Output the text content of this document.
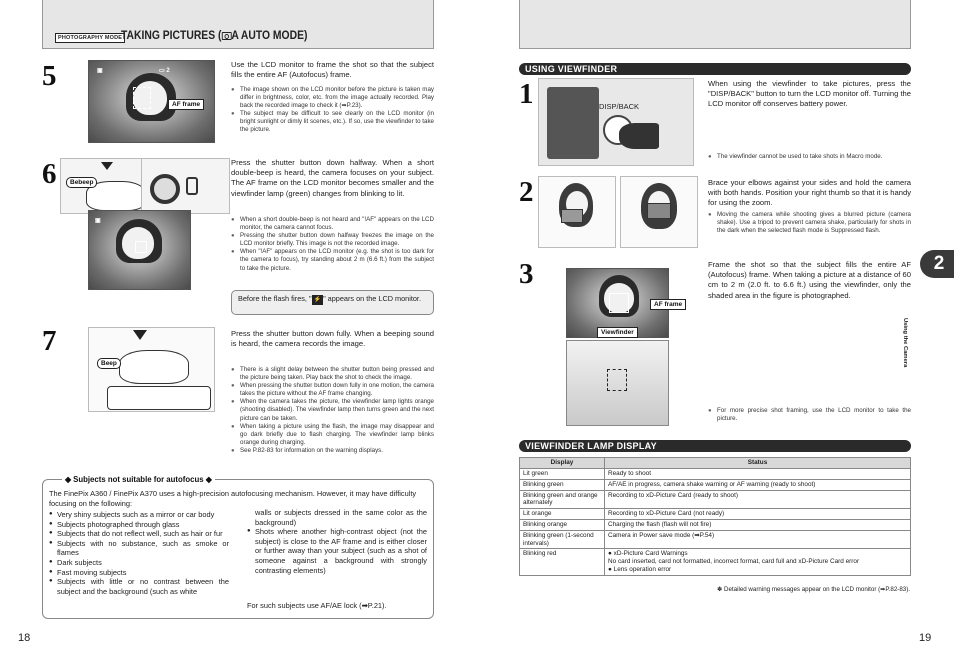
PHOTOGRAPHY MODE
TAKING PICTURES ( A AUTO MODE)
5	▣	▭ 2
AF frame
Use the LCD monitor to frame the shot so that the subject fills the entire AF (Autofocus) frame.

● The image shown on the LCD monitor before the picture is taken may differ in brightness, color, etc. from the image actually recorded. Play back the recorded image to check it (➡P.23).

● The subject may be difficult to see clearly on the LCD monitor (in bright sunlight or dimly lit scenes, etc.). If so, use the viewfinder to take the picture.

6	Bebeep
▣
Press the shutter button down halfway. When a short double-beep is heard, the camera focuses on your subject. The AF frame on the LCD monitor becomes smaller and the viewfinder lamp (green) changes from blinking to lit.

● When a short double-beep is not heard and "!AF" appears on the LCD monitor, the camera cannot focus.

● Pressing the shutter button down halfway freezes the image on the LCD monitor briefly. This image is not the recorded image.

● When "!AF" appears on the LCD monitor (e.g. the shot is too dark for the camera to focus), try standing about 2 m (6.6 ft.) from the subject to take the picture.

Before the flash fires, " ⚡ " appears on the LCD monitor.
7
Beep
Press the shutter button down fully. When a beeping sound is heard, the camera records the image.

● There is a slight delay between the shutter button being pressed and the picture being taken. Play back the shot to check the image.

● When pressing the shutter button down fully in one motion, the camera takes the picture without the AF frame changing.

● When the camera takes the picture, the viewfinder lamp lights orange (shooting disabled). The viewfinder lamp then turns green and the next picture can be taken.

● When taking a picture using the flash, the image may disappear and go dark briefly due to flash charging. The viewfinder lamp blinks orange during charging.

● See P.82-83 for information on the warning displays.

◆ Subjects not suitable for autofocus ◆
The FinePix A360 / FinePix A370 uses a high-precision autofocusing mechanism. However, it may have difficulty focusing on the following:
● Very shiny subjects such as a mirror or car body
● Subjects photographed through glass
● Subjects that do not reflect well, such as hair or fur
● Subjects with no substance, such as smoke or flames
● Dark subjects
● Fast moving subjects
● Subjects with little or no contrast between the subject and the background (such as white
walls or subjects dressed in the same color as the background)
● Shots where another high-contrast object (not the subject) is close to the AF frame and is either closer or further away than your subject (such as a shot of someone against a background with strongly contrasting elements)
For such subjects use AF/AE lock (➡P.21).
18
USING VIEWFINDER
1	DISP/BACK
When using the viewfinder to take pictures, press the "DISP/BACK" button to turn the LCD monitor off. Turning the LCD monitor off conserves battery power.

● The viewfinder cannot be used to take shots in Macro mode.

2	Brace your elbows against your sides and hold the camera with both hands. Position your right thumb so that it is handy for using the zoom.

● Moving the camera while shooting gives a blurred picture (camera shake). Use a tripod to prevent camera shake, particularly for shots in the dark when the selected flash mode is Suppressed flash.

3
AF frame
Viewfinder
Frame the shot so that the subject fills the entire AF (Autofocus) frame. When taking a picture at a distance of 60 cm to 2 m (2.0 ft. to 6.6 ft.) using the viewfinder, only the shaded area in the figure is photographed.

● For more precise shot framing, use the LCD monitor to take the picture.

VIEWFINDER LAMP DISPLAY
Display	Status
Lit green	Ready to shoot
Blinking green	AF/AE in progress, camera shake warning or AF warning (ready to shoot)
Blinking green and orange alternately	Recording to xD-Picture Card (ready to shoot)
Lit orange	Recording to xD-Picture Card (not ready)
Blinking orange	Charging the flash (flash will not fire)
Blinking green (1-second intervals)	Camera in Power save mode (➡P.54)
Blinking red	● xD-Picture Card Warnings
No card inserted, card not formatted, incorrect format, card full and xD-Picture Card error
● Lens operation error
✽ Detailed warning messages appear on the LCD monitor (➡P.82-83).
2
Using the Camera
19
